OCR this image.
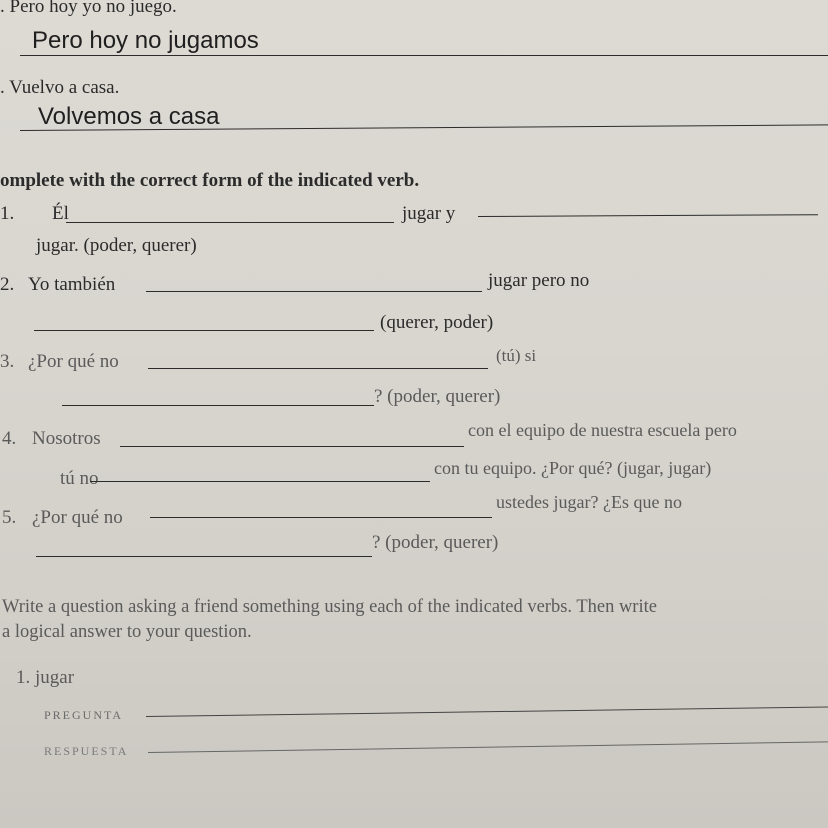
. Pero hoy yo no juego.
Pero hoy no jugamos
. Vuelvo a casa.
Volvemos a casa
omplete with the correct form of the indicated verb.
1. Él	jugar y
jugar. (poder, querer)
2. Yo también	jugar pero no
(querer, poder)
3. ¿Por qué no	(tú) si
? (poder, querer)
4. Nosotros	con el equipo de nuestra escuela pero
tú no	con tu equipo. ¿Por qué? (jugar, jugar)
5. ¿Por qué no
ustedes jugar? ¿Es que no
? (poder, querer)
Write a question asking a friend something using each of the indicated verbs. Then write
a logical answer to your question.
1. jugar
PREGUNTA
RESPUESTA
